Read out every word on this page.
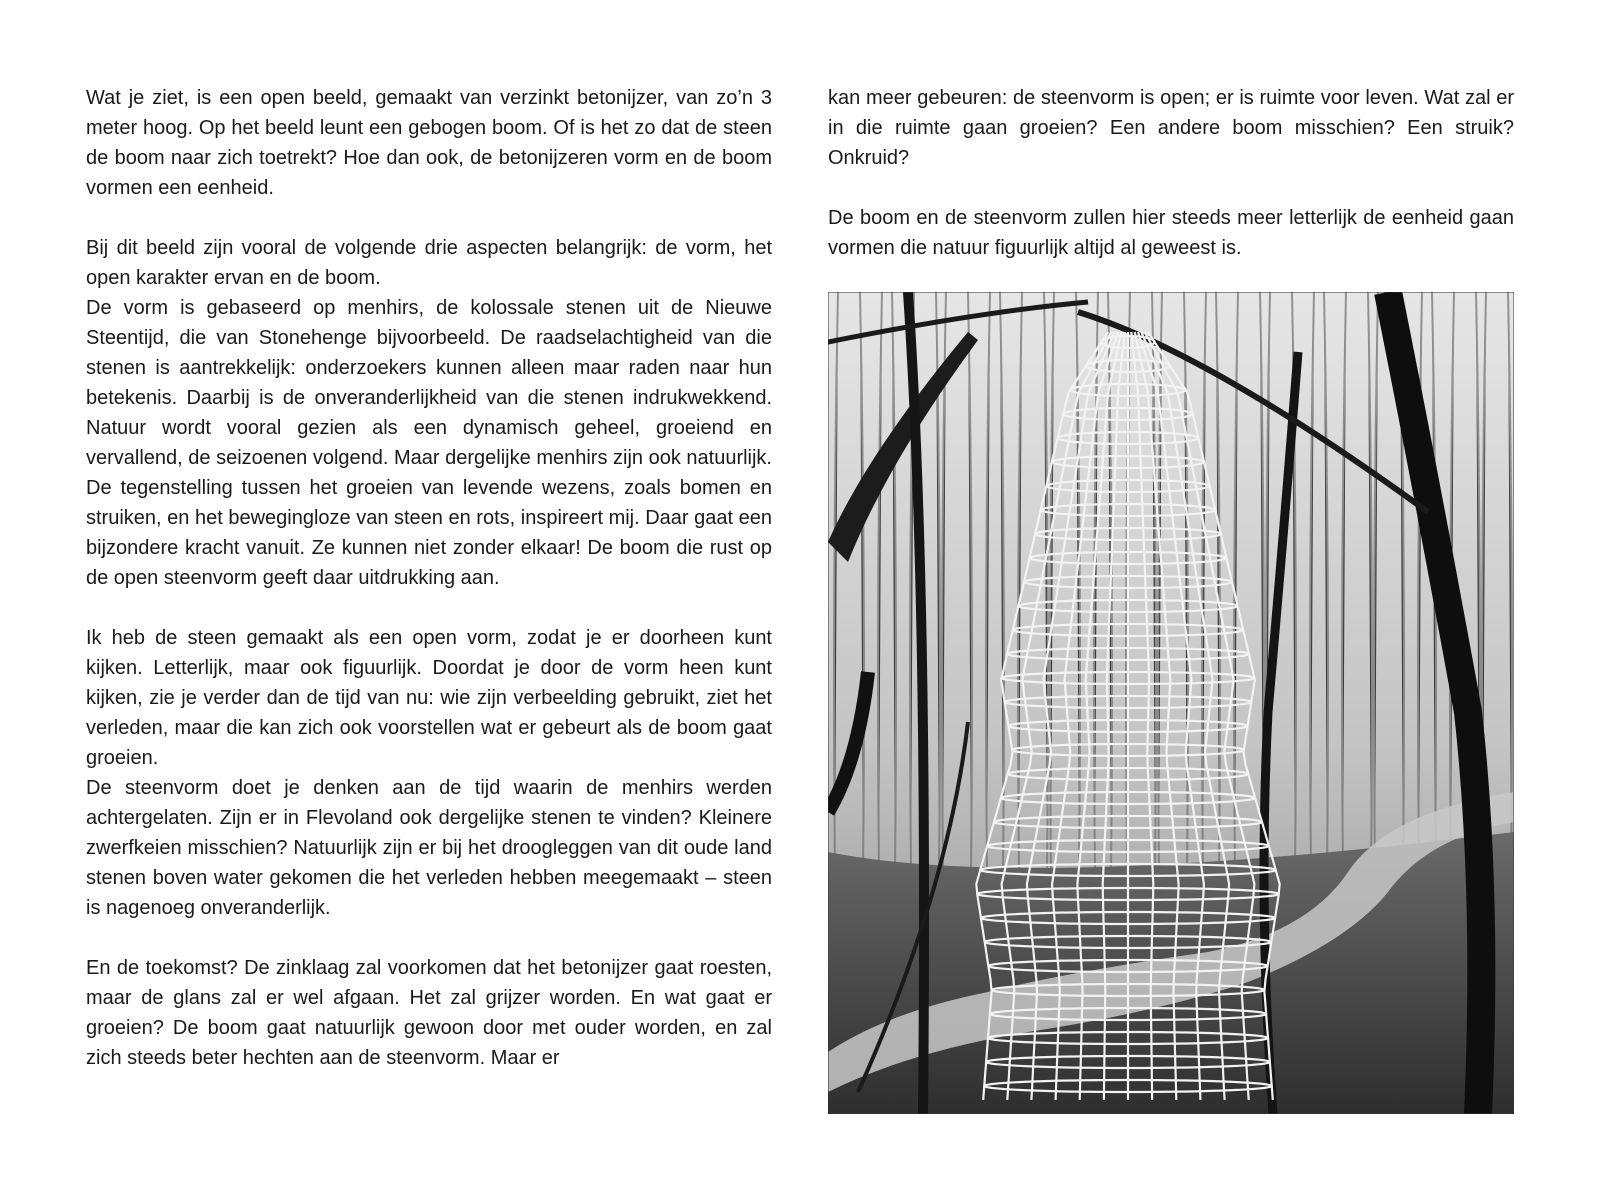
Wat je ziet, is een open beeld, gemaakt van verzinkt betonijzer, van zo’n 3 meter hoog. Op het beeld leunt een gebogen boom. Of is het zo dat de steen de boom naar zich toetrekt? Hoe dan ook, de betonijzeren vorm en de boom vormen een eenheid.

Bij dit beeld zijn vooral de volgende drie aspecten belangrijk: de vorm, het open karakter ervan en de boom.

De vorm is gebaseerd op menhirs, de kolossale stenen uit de Nieuwe Steentijd, die van Stonehenge bijvoorbeeld. De raadselachtigheid van die stenen is aantrekkelijk: onderzoekers kunnen alleen maar raden naar hun betekenis. Daarbij is de onveranderlijkheid van die stenen indrukwekkend. Natuur wordt vooral gezien als een dynamisch geheel, groeiend en vervallend, de seizoenen volgend. Maar dergelijke menhirs zijn ook natuurlijk. De tegenstelling tussen het groeien van levende wezens, zoals bomen en struiken, en het bewegingloze van steen en rots, inspireert mij. Daar gaat een bijzondere kracht vanuit. Ze kunnen niet zonder elkaar! De boom die rust op de open steenvorm geeft daar uitdrukking aan.

Ik heb de steen gemaakt als een open vorm, zodat je er doorheen kunt kijken. Letterlijk, maar ook figuurlijk. Doordat je door de vorm heen kunt kijken, zie je verder dan de tijd van nu: wie zijn verbeelding gebruikt, ziet het verleden, maar die kan zich ook voorstellen wat er gebeurt als de boom gaat groeien.

De steenvorm doet je denken aan de tijd waarin de menhirs werden achtergelaten. Zijn er in Flevoland ook dergelijke stenen te vinden? Kleinere zwerfkeien misschien? Natuurlijk zijn er bij het droogleggen van dit oude land stenen boven water gekomen die het verleden hebben meegemaakt – steen is nagenoeg onveranderlijk.

En de toekomst? De zinklaag zal voorkomen dat het betonijzer gaat roesten, maar de glans zal er wel afgaan. Het zal grijzer worden. En wat gaat er groeien? De boom gaat natuurlijk gewoon door met ouder worden, en zal zich steeds beter hechten aan de steenvorm. Maar er

kan meer gebeuren: de steenvorm is open; er is ruimte voor leven. Wat zal er in die ruimte gaan groeien? Een andere boom misschien? Een struik? Onkruid?

De boom en de steenvorm zullen hier steeds meer letterlijk de eenheid gaan vormen die natuur figuurlijk altijd al geweest is.
